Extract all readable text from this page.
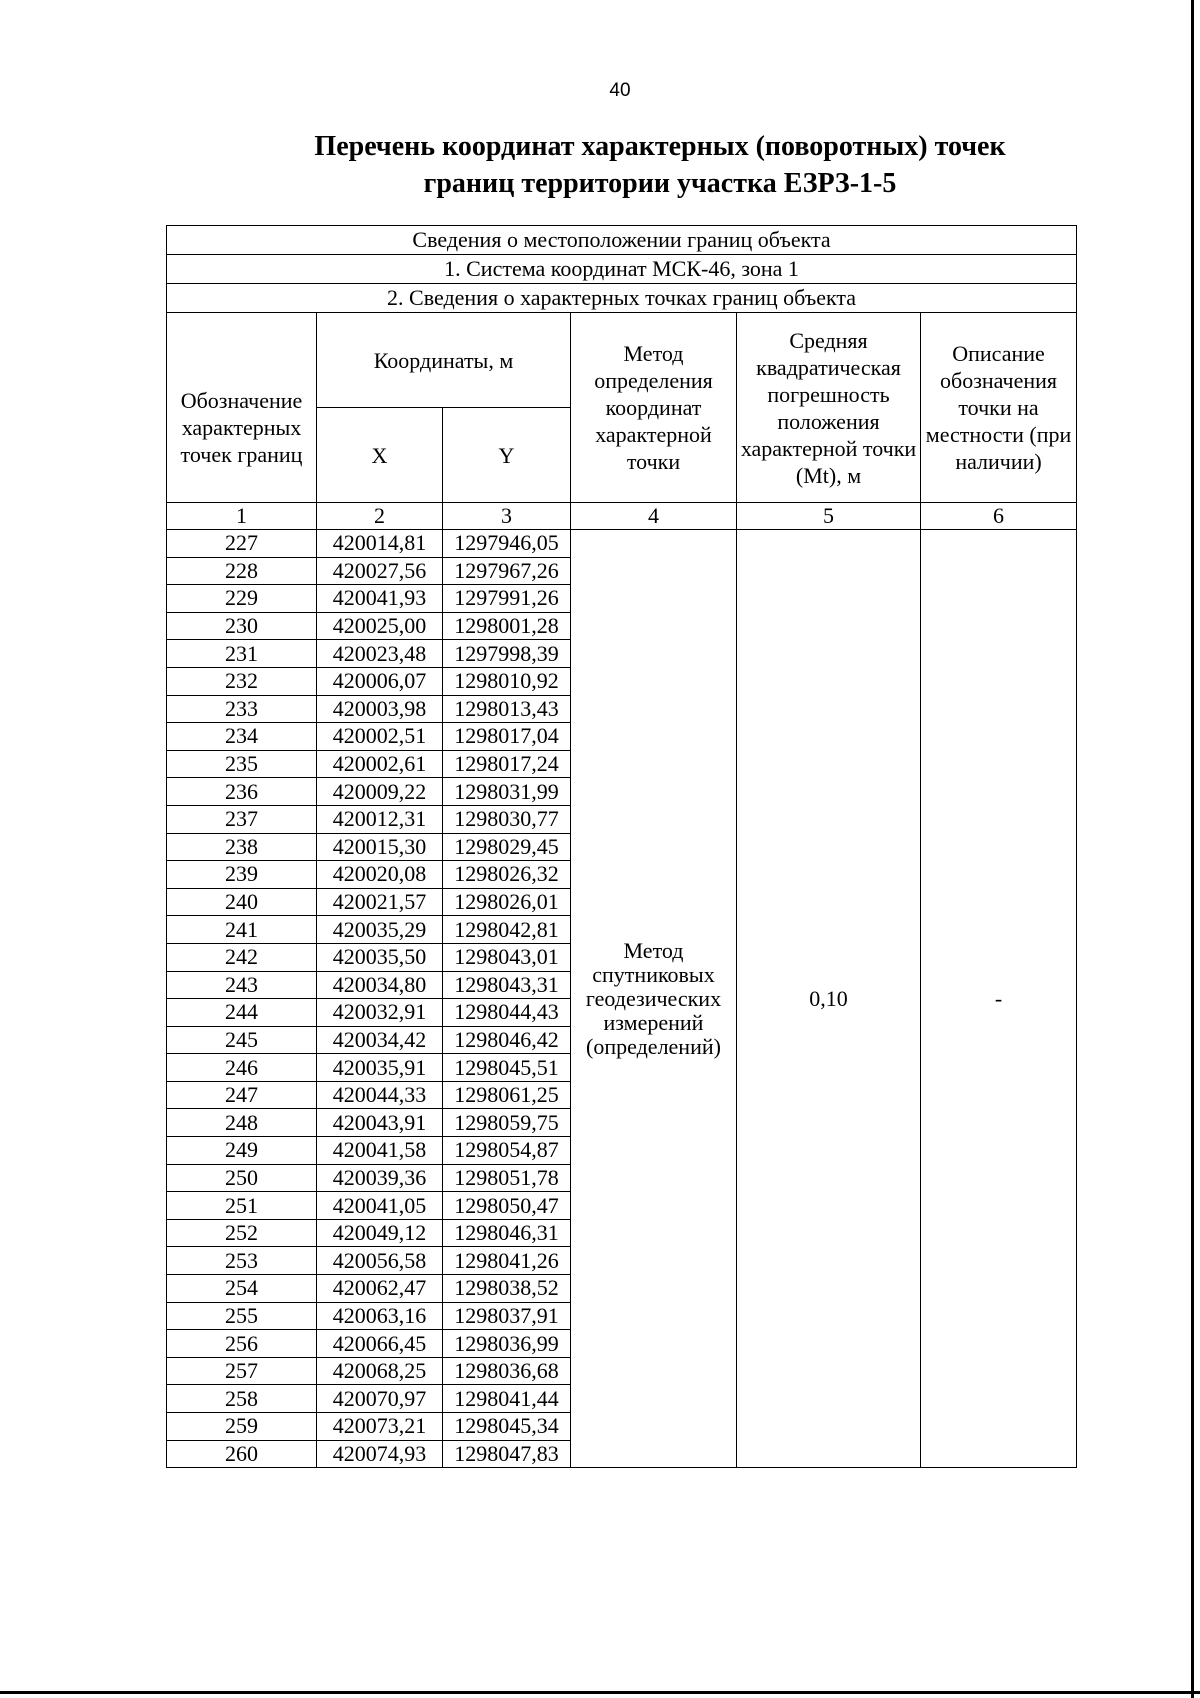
40
Перечень координат характерных (поворотных) точек
границ территории участка ЕЗРЗ-1-5
Сведения о местоположении границ объекта					
1. Система координат МСК-46, зона 1					
2. Сведения о характерных точках границ объекта					
Обозначение характерных точек границ	Координаты, м		Метод определения координат характерной точки	Средняя квадратическая погрешность положения характерной точки (Mt), м	Описание обозначения точки на местности (при наличии)
	X	Y			
1	2	3	4	5	6
227	420014,81	1297946,05	Метод спутниковых геодезических измерений (определений)	0,10	-
228	420027,56	1297967,26			
229	420041,93	1297991,26			
230	420025,00	1298001,28			
231	420023,48	1297998,39			
232	420006,07	1298010,92			
233	420003,98	1298013,43			
234	420002,51	1298017,04			
235	420002,61	1298017,24			
236	420009,22	1298031,99			
237	420012,31	1298030,77			
238	420015,30	1298029,45			
239	420020,08	1298026,32			
240	420021,57	1298026,01			
241	420035,29	1298042,81			
242	420035,50	1298043,01			
243	420034,80	1298043,31			
244	420032,91	1298044,43			
245	420034,42	1298046,42			
246	420035,91	1298045,51			
247	420044,33	1298061,25			
248	420043,91	1298059,75			
249	420041,58	1298054,87			
250	420039,36	1298051,78			
251	420041,05	1298050,47			
252	420049,12	1298046,31			
253	420056,58	1298041,26			
254	420062,47	1298038,52			
255	420063,16	1298037,91			
256	420066,45	1298036,99			
257	420068,25	1298036,68			
258	420070,97	1298041,44			
259	420073,21	1298045,34			
260	420074,93	1298047,83			
